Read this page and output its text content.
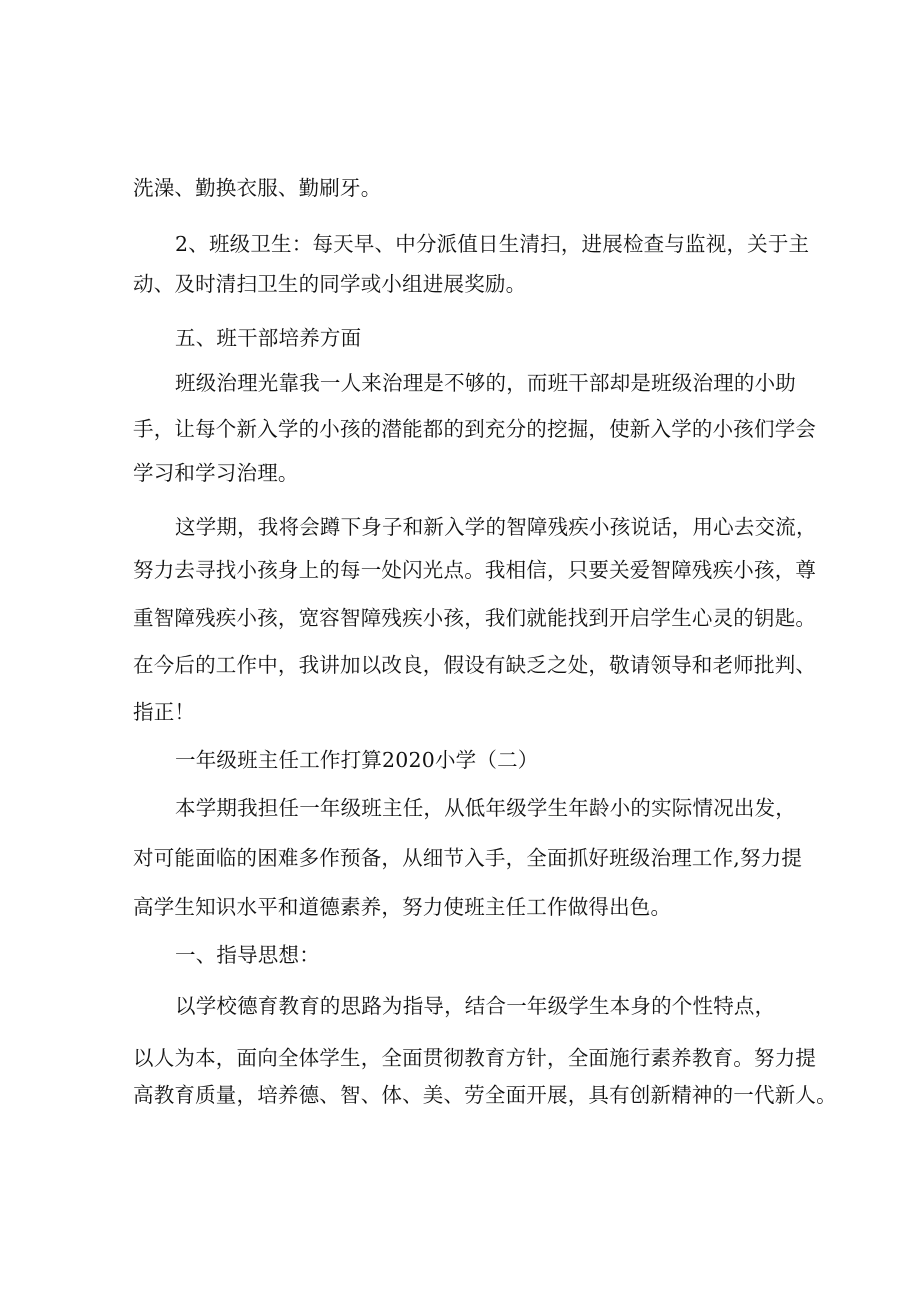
洗澡、勤换衣服、勤刷牙。
2、班级卫生：每天早、中分派值日生清扫，进展检查与监视，关于主
动、及时清扫卫生的同学或小组进展奖励。
五、班干部培养方面
班级治理光靠我一人来治理是不够的，而班干部却是班级治理的小助
手，让每个新入学的小孩的潜能都的到充分的挖掘，使新入学的小孩们学会
学习和学习治理。
这学期，我将会蹲下身子和新入学的智障残疾小孩说话，用心去交流，
努力去寻找小孩身上的每一处闪光点。我相信，只要关爱智障残疾小孩，尊
重智障残疾小孩，宽容智障残疾小孩，我们就能找到开启学生心灵的钥匙。
在今后的工作中，我讲加以改良，假设有缺乏之处，敬请领导和老师批判、
指正！
一年级班主任工作打算2020小学（二）
本学期我担任一年级班主任，从低年级学生年龄小的实际情况出发，
对可能面临的困难多作预备，从细节入手，全面抓好班级治理工作,努力提
高学生知识水平和道德素养，努力使班主任工作做得出色。
一、指导思想：
以学校德育教育的思路为指导，结合一年级学生本身的个性特点，
以人为本，面向全体学生，全面贯彻教育方针，全面施行素养教育。努力提
高教育质量，培养德、智、体、美、劳全面开展，具有创新精神的一代新人。
